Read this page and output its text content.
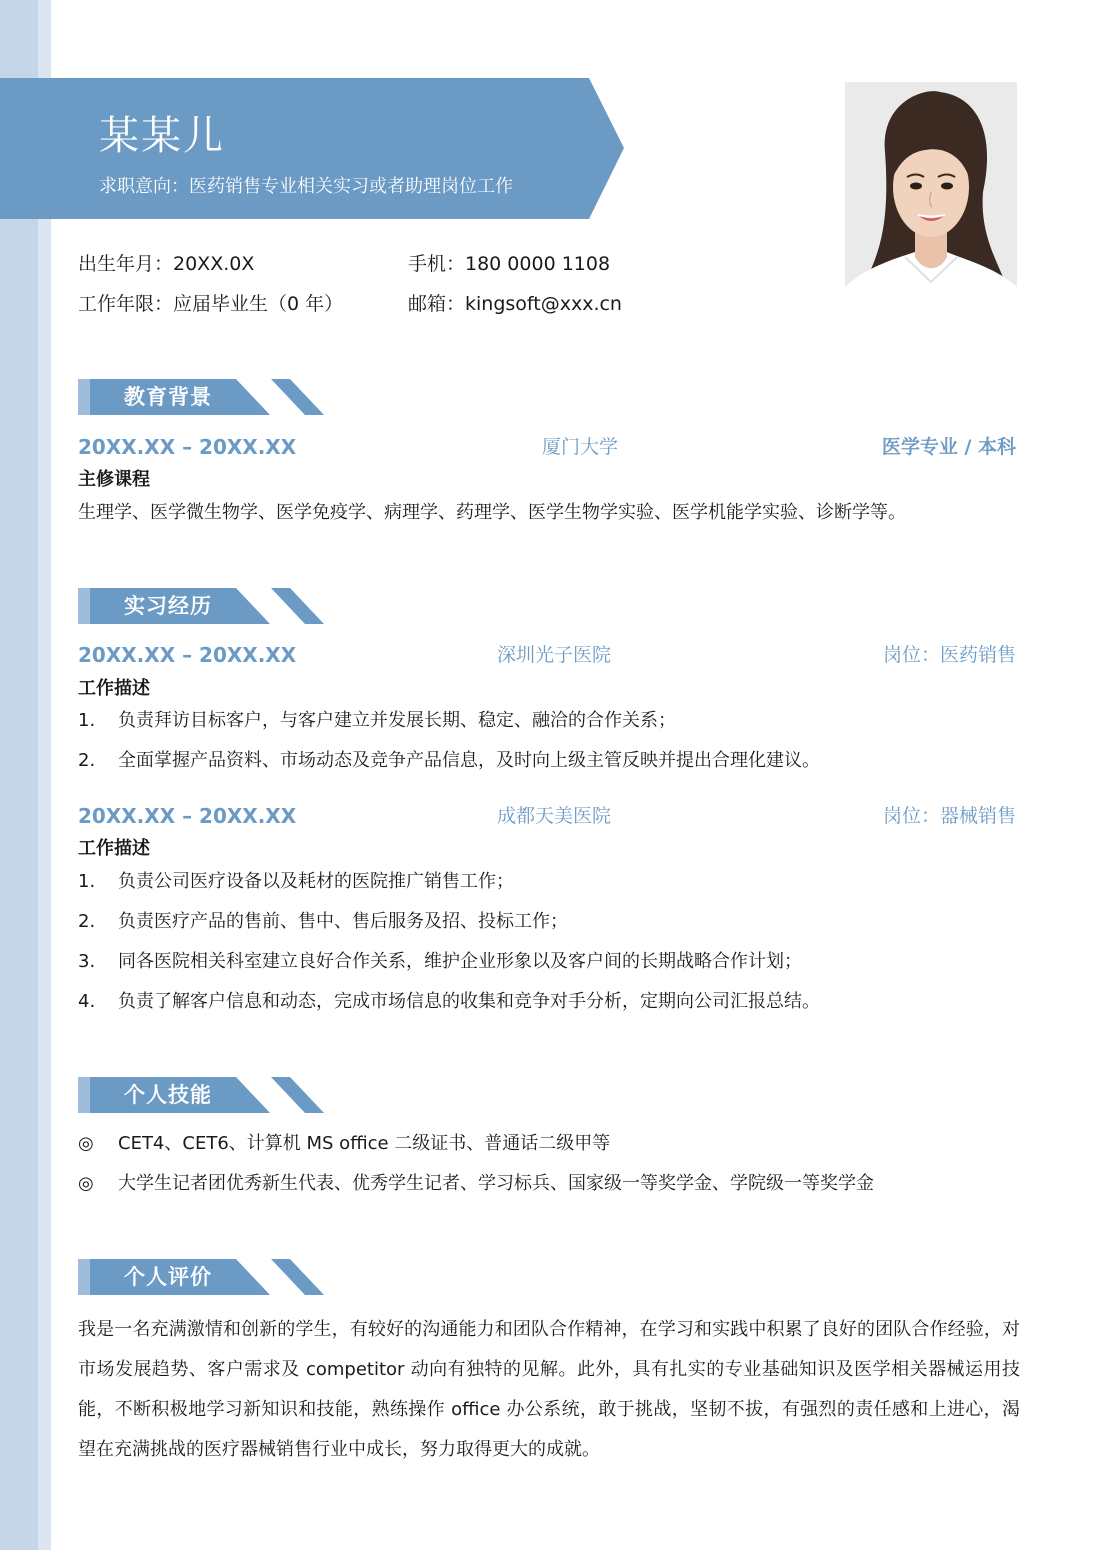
某某儿
求职意向：医药销售专业相关实习或者助理岗位工作
出生年月：20XX.0X
工作年限：应届毕业生（0 年）
手机：180 0000 1108
邮箱：kingsoft@xxx.cn
教育背景
20XX.XX – 20XX.XX	厦门大学	医学专业 / 本科
主修课程
生理学、医学微生物学、医学免疫学、病理学、药理学、医学生物学实验、医学机能学实验、诊断学等。
实习经历
20XX.XX – 20XX.XX	深圳光子医院	岗位：医药销售
工作描述
1. 负责拜访目标客户，与客户建立并发展长期、稳定、融洽的合作关系；
2. 全面掌握产品资料、市场动态及竞争产品信息，及时向上级主管反映并提出合理化建议。
20XX.XX – 20XX.XX	成都天美医院	岗位：器械销售
工作描述
1. 负责公司医疗设备以及耗材的医院推广销售工作；
2. 负责医疗产品的售前、售中、售后服务及招、投标工作；
3. 同各医院相关科室建立良好合作关系，维护企业形象以及客户间的长期战略合作计划；
4. 负责了解客户信息和动态，完成市场信息的收集和竞争对手分析，定期向公司汇报总结。
个人技能
◎ CET4、CET6、计算机 MS office 二级证书、普通话二级甲等
◎ 大学生记者团优秀新生代表、优秀学生记者、学习标兵、国家级一等奖学金、学院级一等奖学金
个人评价
我是一名充满激情和创新的学生，有较好的沟通能力和团队合作精神，在学习和实践中积累了良好的团队合作经验，对市场发展趋势、客户需求及 competitor 动向有独特的见解。此外，具有扎实的专业基础知识及医学相关器械运用技能，不断积极地学习新知识和技能，熟练操作 office 办公系统，敢于挑战，坚韧不拔，有强烈的责任感和上进心，渴望在充满挑战的医疗器械销售行业中成长，努力取得更大的成就。
